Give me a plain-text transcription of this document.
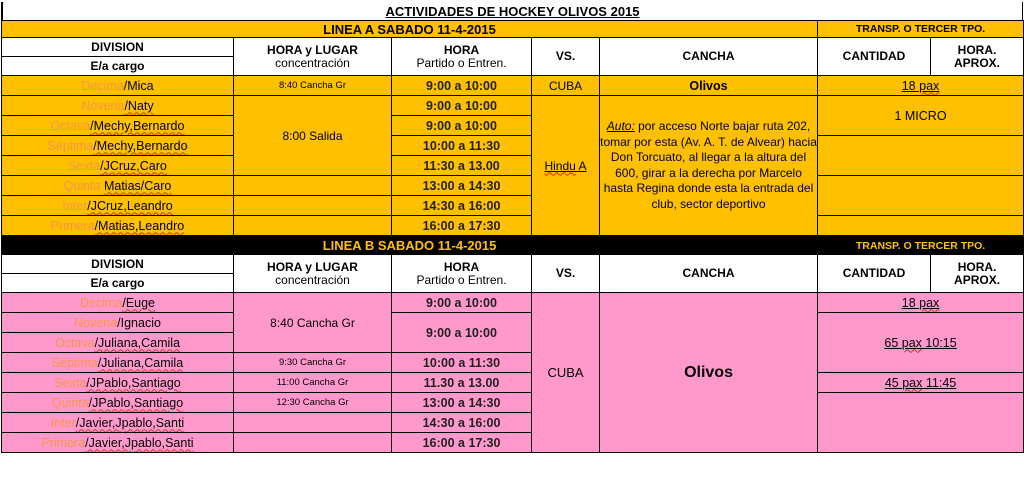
ACTIVIDADES DE HOCKEY OLIVOS 2015
LINEA A SABADO 11-4-2015					TRANSP. O TERCER TPO.	
DIVISION	HORA y LUGAR
concentración

HORA
Partido o Entren.	VS.	CANCHA	CANTIDAD	HORA.
APROX.

E/a cargo						
Decima/Mica	8:40 Cancha Gr	9:00 a 10:00	CUBA	Olivos	18 pax	
Novena/Naty	8:00 Salida	9:00 a 10:00	Hindu A	Auto: por acceso Norte bajar ruta 202, tomar por esta (Av. A. T. de Alvear) hacia Don Torcuato, al llegar a la altura del 600, girar a la derecha por Marcelo hasta Regina donde esta la entrada del club, sector deportivo	1 MICRO	
Octava/Mechy,Bernardo		9:00 a 10:00				
Séptima/Mechy,Bernardo		10:00 a 11:30				
Sexta/JCruz,Caro		11:30 a 13.00				
Quinta Matias/Caro		13:00 a 14:30				
Inter/JCruz,Leandro		14:30 a 16:00				
Primera/Matias,Leandro		16:00 a 17:30				
LINEA B SABADO 11-4-2015					TRANSP. O TERCER TPO.	
DIVISION	HORA y LUGAR
concentración

HORA
Partido o Entren.	VS.	CANCHA	CANTIDAD	HORA.
APROX.

E/a cargo						
Decima/Euge	8:40 Cancha Gr	9:00 a 10:00	CUBA	Olivos	18 pax	
Novena/Ignacio		9:00 a 10:00			65 pax 10:15	
Octava/Juliana,Camila						
Séptima/Juliana,Camila	9:30 Cancha Gr	10:00 a 11:30				
Sexta/JPablo,Santiago	11:00 Cancha Gr	11.30 a 13.00			45 pax 11:45	
Quinta/JPablo,Santiago	12:30 Cancha Gr	13:00 a 14:30				
Inter/Javier,Jpablo,Santi		14:30 a 16:00				
Primera/Javier,Jpablo,Santi		16:00 a 17:30				
